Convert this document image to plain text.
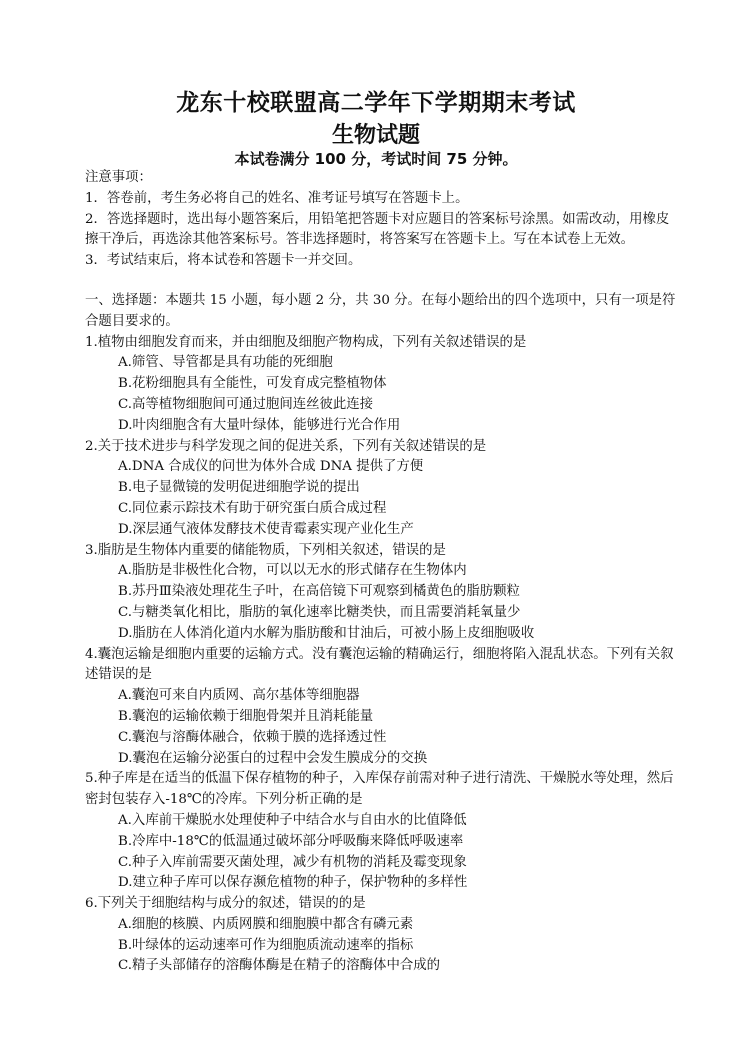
龙东十校联盟高二学年下学期期末考试
生物试题
本试卷满分 100 分，考试时间 75 分钟。
注意事项：
1．答卷前，考生务必将自己的姓名、准考证号填写在答题卡上。
2．答选择题时，选出每小题答案后，用铅笔把答题卡对应题目的答案标号涂黑。如需改动，用橡皮擦干净后，再选涂其他答案标号。答非选择题时，将答案写在答题卡上。写在本试卷上无效。
3．考试结束后，将本试卷和答题卡一并交回。
一、选择题：本题共 15 小题，每小题 2 分，共 30 分。在每小题给出的四个选项中，只有一项是符合题目要求的。
1.植物由细胞发育而来，并由细胞及细胞产物构成，下列有关叙述错误的是
A.筛管、导管都是具有功能的死细胞
B.花粉细胞具有全能性，可发育成完整植物体
C.高等植物细胞间可通过胞间连丝彼此连接
D.叶肉细胞含有大量叶绿体，能够进行光合作用
2.关于技术进步与科学发现之间的促进关系，下列有关叙述错误的是
A.DNA 合成仪的问世为体外合成 DNA 提供了方便
B.电子显微镜的发明促进细胞学说的提出
C.同位素示踪技术有助于研究蛋白质合成过程
D.深层通气液体发酵技术使青霉素实现产业化生产
3.脂肪是生物体内重要的储能物质，下列相关叙述，错误的是
A.脂肪是非极性化合物，可以以无水的形式储存在生物体内
B.苏丹Ⅲ染液处理花生子叶，在高倍镜下可观察到橘黄色的脂肪颗粒
C.与糖类氧化相比，脂肪的氧化速率比糖类快，而且需要消耗氧量少
D.脂肪在人体消化道内水解为脂肪酸和甘油后，可被小肠上皮细胞吸收
4.囊泡运输是细胞内重要的运输方式。没有囊泡运输的精确运行，细胞将陷入混乱状态。下列有关叙述错误的是
A.囊泡可来自内质网、高尔基体等细胞器
B.囊泡的运输依赖于细胞骨架并且消耗能量
C.囊泡与溶酶体融合，依赖于膜的选择透过性
D.囊泡在运输分泌蛋白的过程中会发生膜成分的交换
5.种子库是在适当的低温下保存植物的种子，入库保存前需对种子进行清洗、干燥脱水等处理，然后密封包装存入-18℃的冷库。下列分析正确的是
A.入库前干燥脱水处理使种子中结合水与自由水的比值降低
B.冷库中-18℃的低温通过破坏部分呼吸酶来降低呼吸速率
C.种子入库前需要灭菌处理，减少有机物的消耗及霉变现象
D.建立种子库可以保存濒危植物的种子，保护物种的多样性
6.下列关于细胞结构与成分的叙述，错误的的是
A.细胞的核膜、内质网膜和细胞膜中都含有磷元素
B.叶绿体的运动速率可作为细胞质流动速率的指标
C.精子头部储存的溶酶体酶是在精子的溶酶体中合成的
